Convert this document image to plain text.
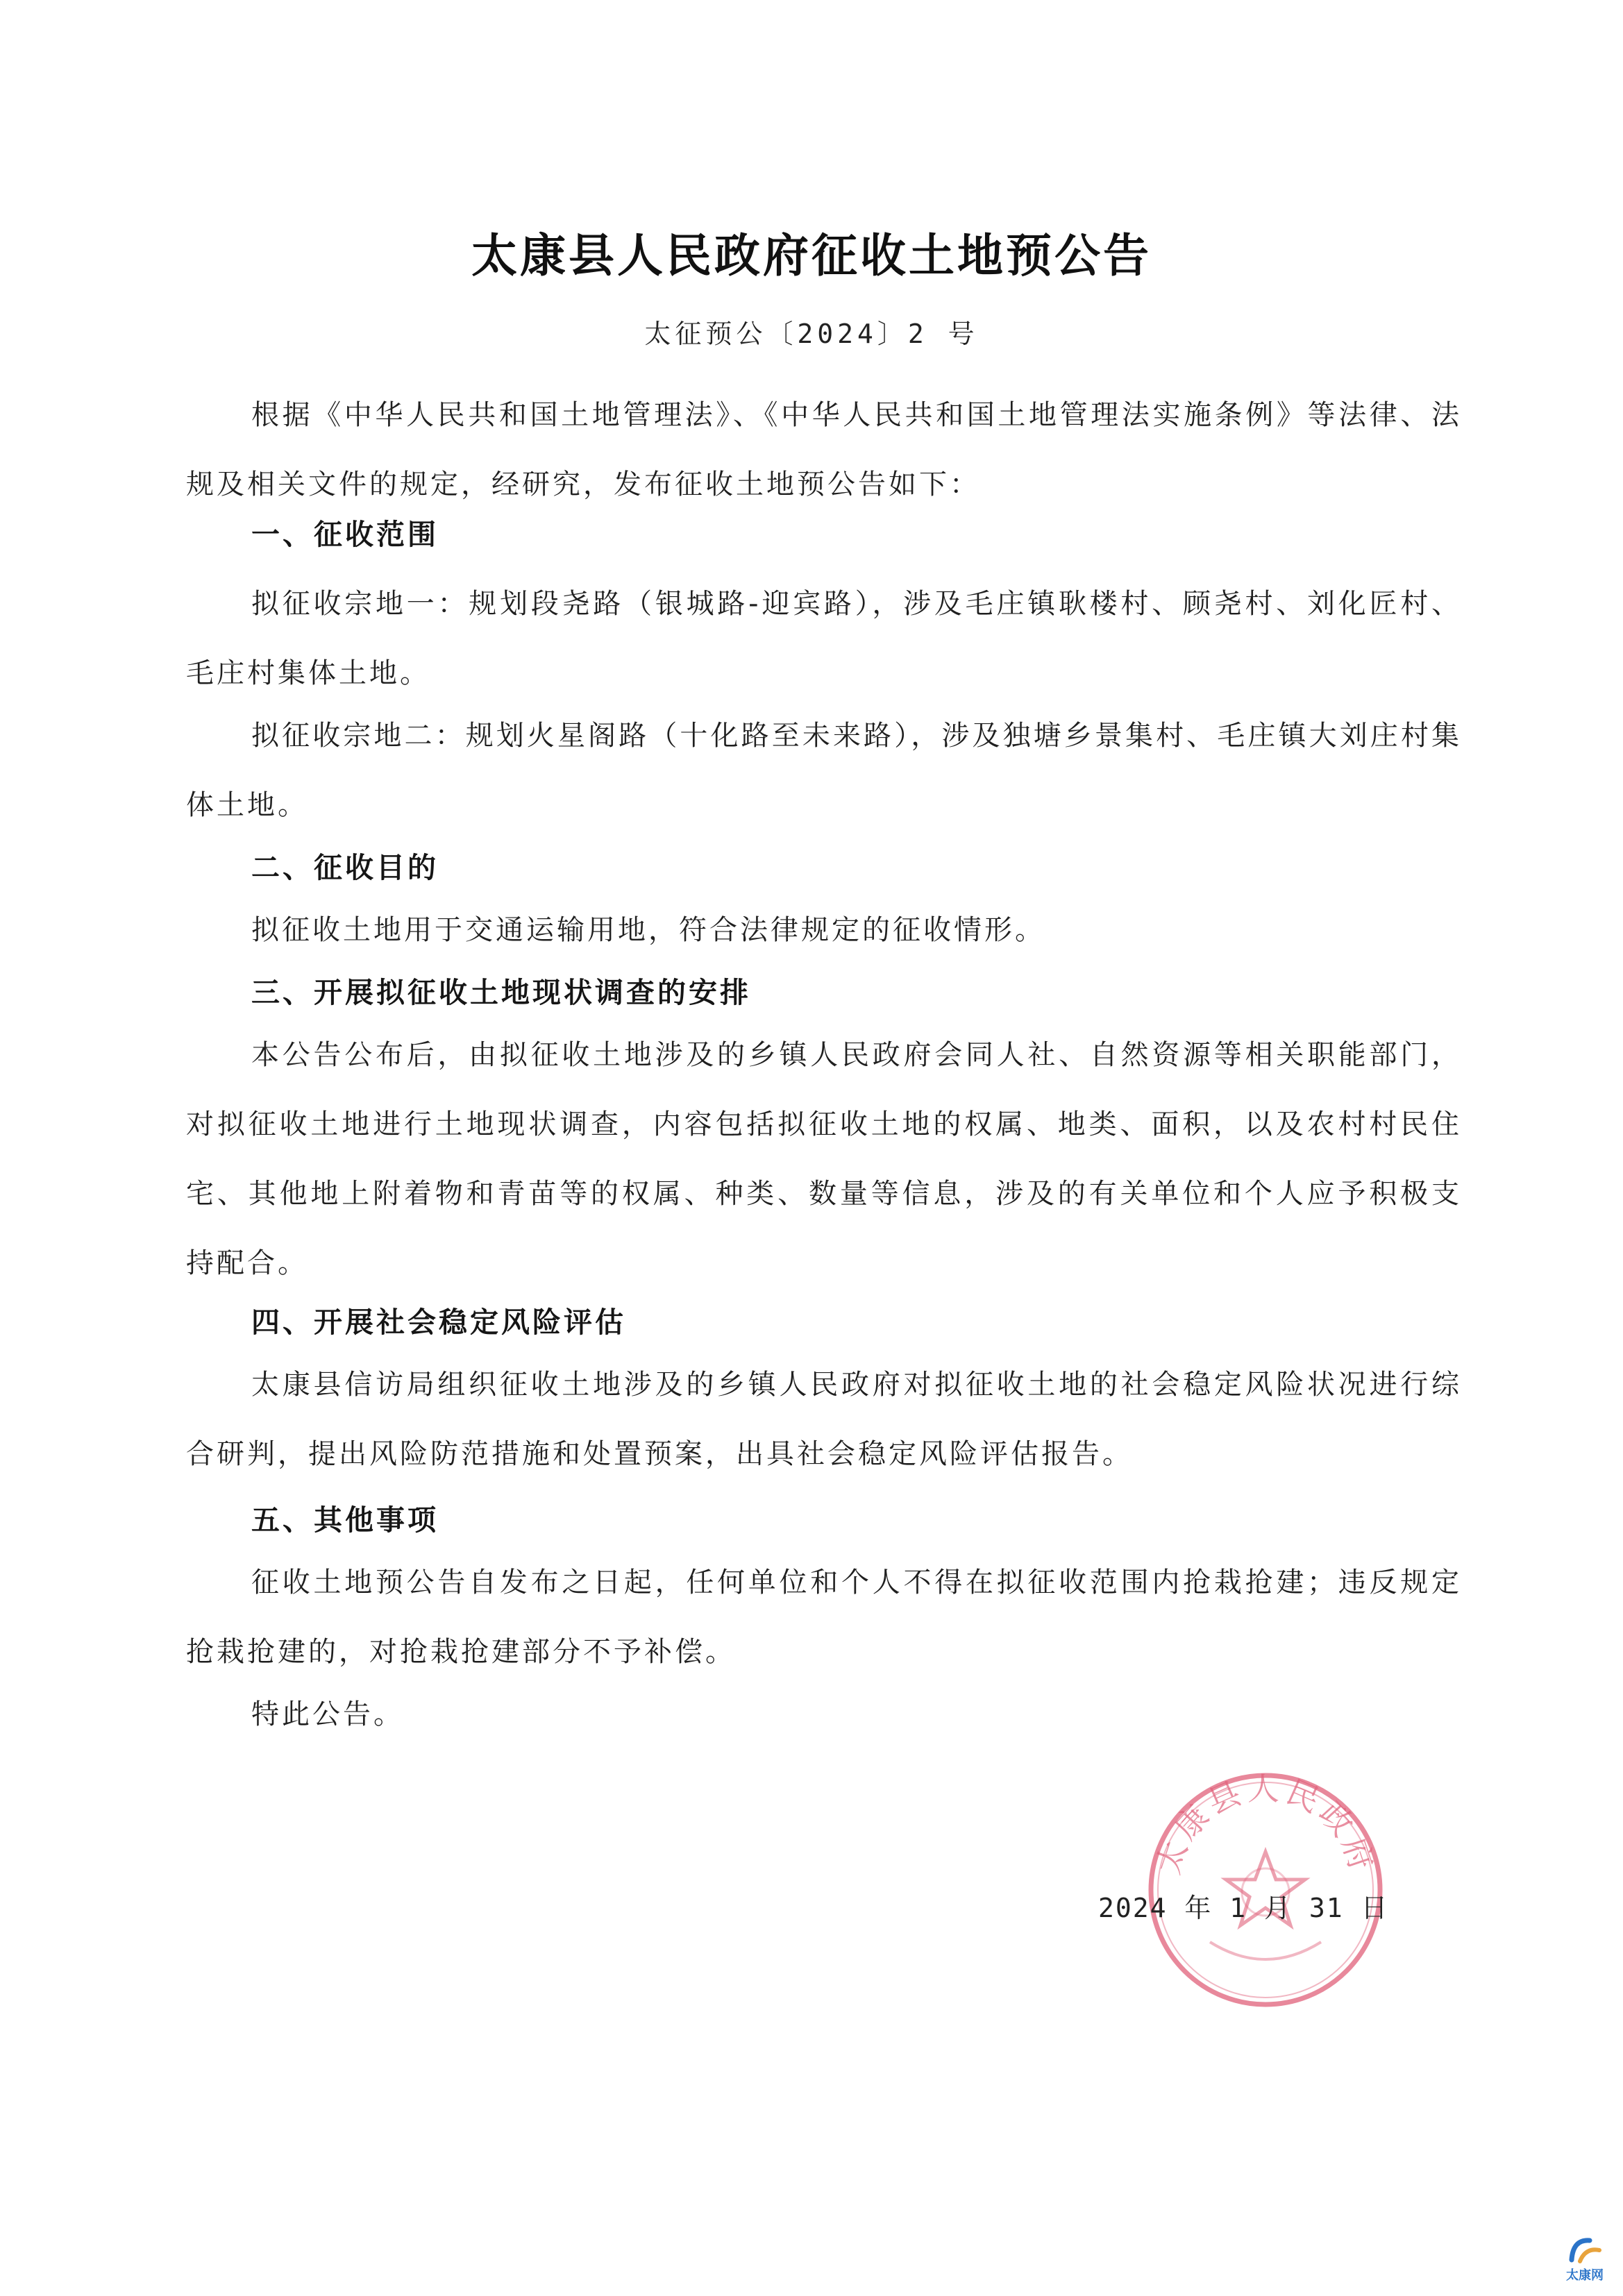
太康县人民政府征收土地预公告
太征预公〔2024〕2 号

根据《中华人民共和国土地管理法》、《中华人民共和国土地管理法实施条例》等法律、法规及相关文件的规定，经研究，发布征收土地预公告如下：

一、征收范围

拟征收宗地一：规划段尧路（银城路-迎宾路），涉及毛庄镇耿楼村、顾尧村、刘化匠村、毛庄村集体土地。

拟征收宗地二：规划火星阁路（十化路至未来路），涉及独塘乡景集村、毛庄镇大刘庄村集体土地。

二、征收目的

拟征收土地用于交通运输用地，符合法律规定的征收情形。

三、开展拟征收土地现状调查的安排

本公告公布后，由拟征收土地涉及的乡镇人民政府会同人社、自然资源等相关职能部门，对拟征收土地进行土地现状调查，内容包括拟征收土地的权属、地类、面积，以及农村村民住宅、其他地上附着物和青苗等的权属、种类、数量等信息，涉及的有关单位和个人应予积极支持配合。

四、开展社会稳定风险评估

太康县信访局组织征收土地涉及的乡镇人民政府对拟征收土地的社会稳定风险状况进行综合研判，提出风险防范措施和处置预案，出具社会稳定风险评估报告。

五、其他事项

征收土地预公告自发布之日起，任何单位和个人不得在拟征收范围内抢栽抢建；违反规定抢栽抢建的，对抢栽抢建部分不予补偿。

特此公告。

太康县人民政府
2024 年 1 月 31 日
太康网
